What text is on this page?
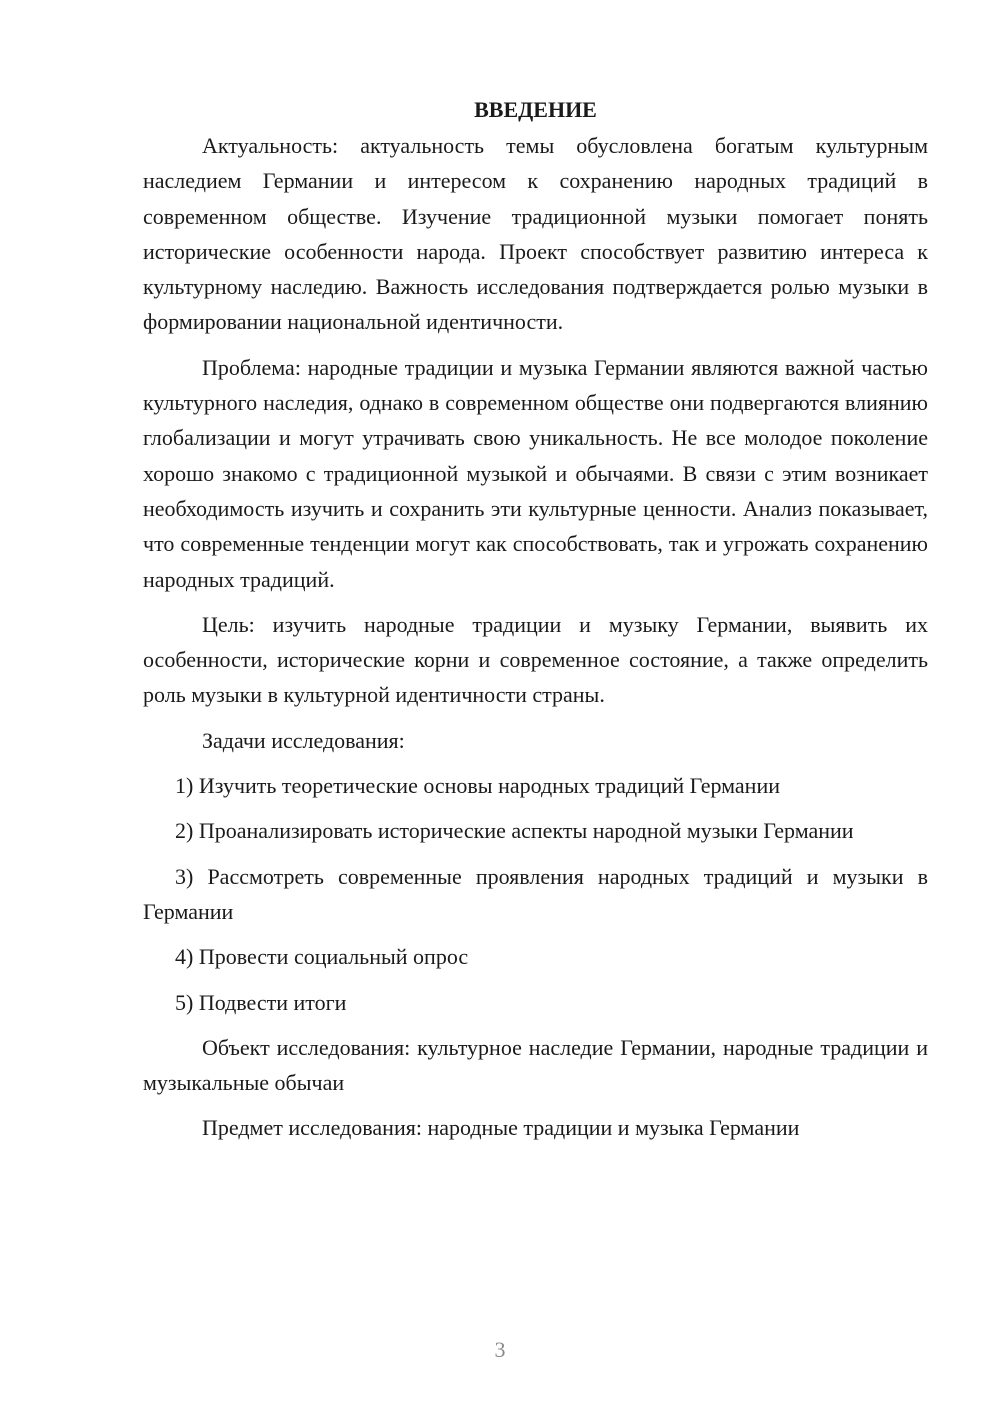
ВВЕДЕНИЕ

Актуальность: актуальность темы обусловлена богатым культурным наследием Германии и интересом к сохранению народных традиций в современном обществе. Изучение традиционной музыки помогает понять исторические особенности народа. Проект способствует развитию интереса к культурному наследию. Важность исследования подтверждается ролью музыки в формировании национальной идентичности.

Проблема: народные традиции и музыка Германии являются важной частью культурного наследия, однако в современном обществе они подвергаются влиянию глобализации и могут утрачивать свою уникальность. Не все молодое поколение хорошо знакомо с традиционной музыкой и обычаями. В связи с этим возникает необходимость изучить и сохранить эти культурные ценности. Анализ показывает, что современные тенденции могут как способствовать, так и угрожать сохранению народных традиций.

Цель: изучить народные традиции и музыку Германии, выявить их особенности, исторические корни и современное состояние, а также определить роль музыки в культурной идентичности страны.

Задачи исследования:

1) Изучить теоретические основы народных традиций Германии

2) Проанализировать исторические аспекты народной музыки Германии

3) Рассмотреть современные проявления народных традиций и музыки в Германии

4) Провести социальный опрос

5) Подвести итоги

Объект исследования: культурное наследие Германии, народные традиции и музыкальные обычаи

Предмет исследования: народные традиции и музыка Германии

3
